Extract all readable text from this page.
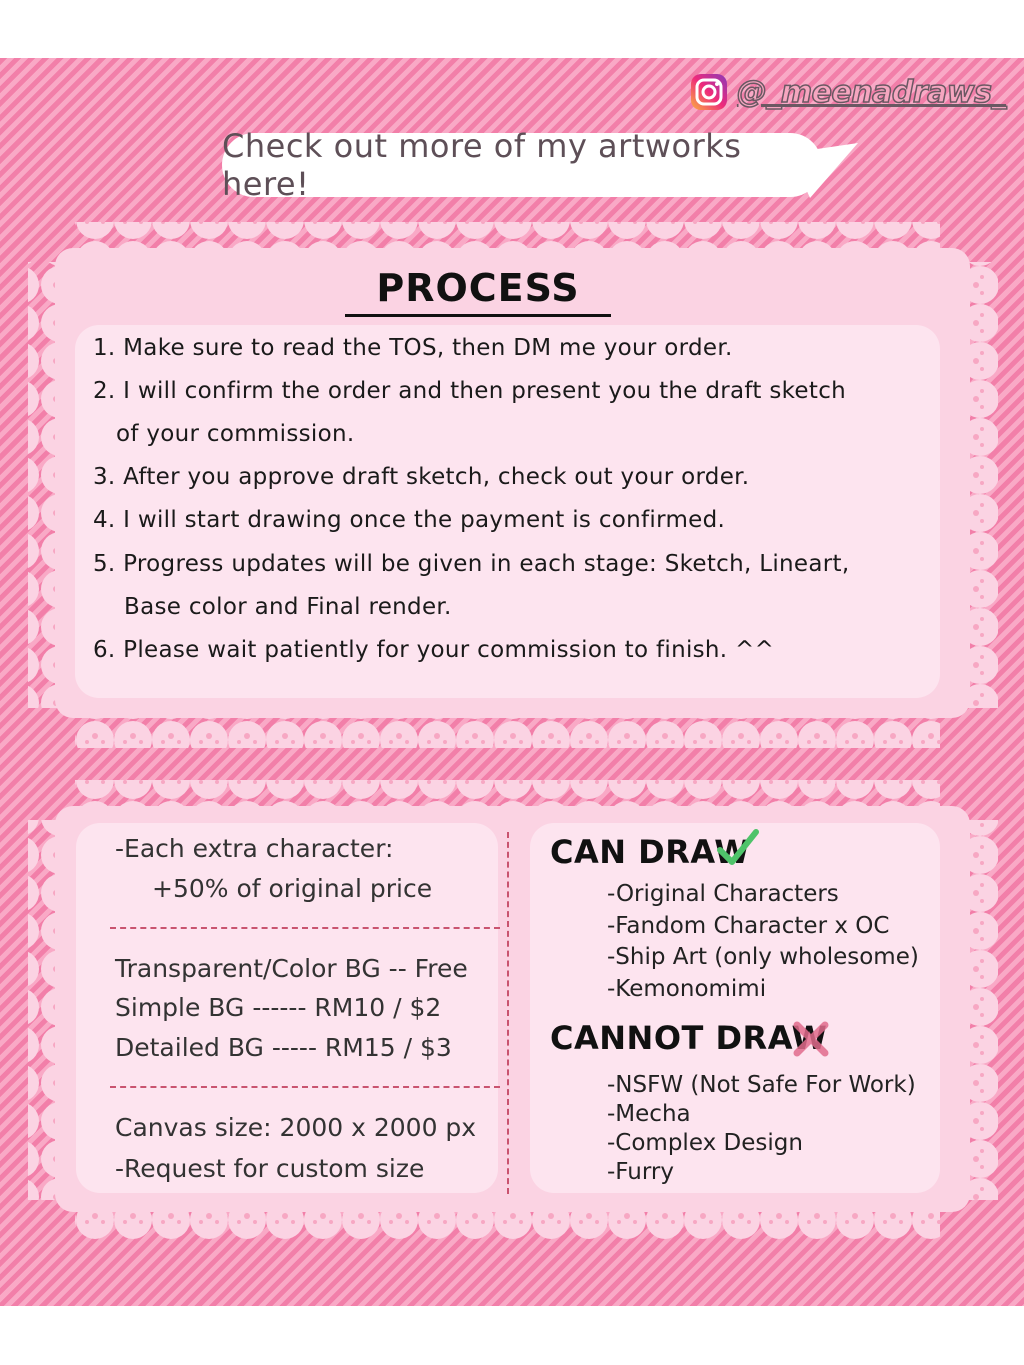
@_meenadraws_
Check out more of my artworks here!
PROCESS
1. Make sure to read the TOS, then DM me your order.
2. I will confirm the order and then present you the draft sketch
of your commission.
3. After you approve draft sketch, check out your order.
4. I will start drawing once the payment is confirmed.
5. Progress updates will be given in each stage: Sketch, Lineart,
Base color and Final render.
6. Please wait patiently for your commission to finish. ^^
-Each extra character:
+50% of original price
Transparent/Color BG -- Free
Simple BG ------ RM10 / $2
Detailed BG ----- RM15 / $3
Canvas size: 2000 x 2000 px
-Request for custom size
CAN DRAW
-Original Characters
-Fandom Character x OC
-Ship Art (only wholesome)
-Kemonomimi
CANNOT DRAW
-NSFW (Not Safe For Work)
-Mecha
-Complex Design
-Furry
